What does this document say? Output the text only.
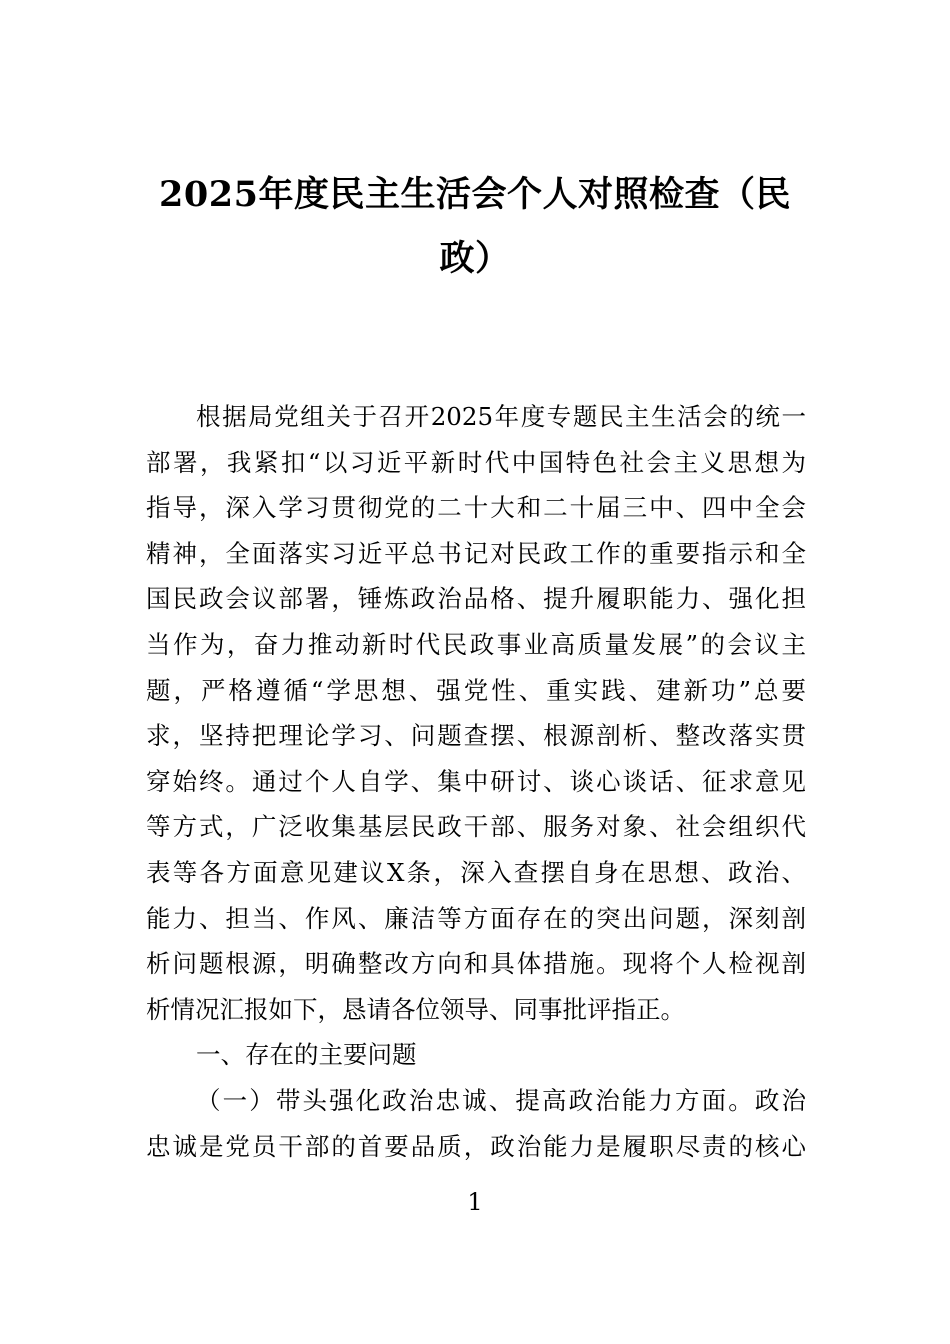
2025年度民主生活会个人对照检查（民
政）
根据局党组关于召开2025年度专题民主生活会的统一
部署，我紧扣“以习近平新时代中国特色社会主义思想为
指导，深入学习贯彻党的二十大和二十届三中、四中全会
精神，全面落实习近平总书记对民政工作的重要指示和全
国民政会议部署，锤炼政治品格、提升履职能力、强化担
当作为，奋力推动新时代民政事业高质量发展”的会议主
题，严格遵循“学思想、强党性、重实践、建新功”总要
求，坚持把理论学习、问题查摆、根源剖析、整改落实贯
穿始终。通过个人自学、集中研讨、谈心谈话、征求意见
等方式，广泛收集基层民政干部、服务对象、社会组织代
表等各方面意见建议X条，深入查摆自身在思想、政治、
能力、担当、作风、廉洁等方面存在的突出问题，深刻剖
析问题根源，明确整改方向和具体措施。现将个人检视剖
析情况汇报如下，恳请各位领导、同事批评指正。
一、存在的主要问题
（一）带头强化政治忠诚、提高政治能力方面。政治
忠诚是党员干部的首要品质，政治能力是履职尽责的核心
1
